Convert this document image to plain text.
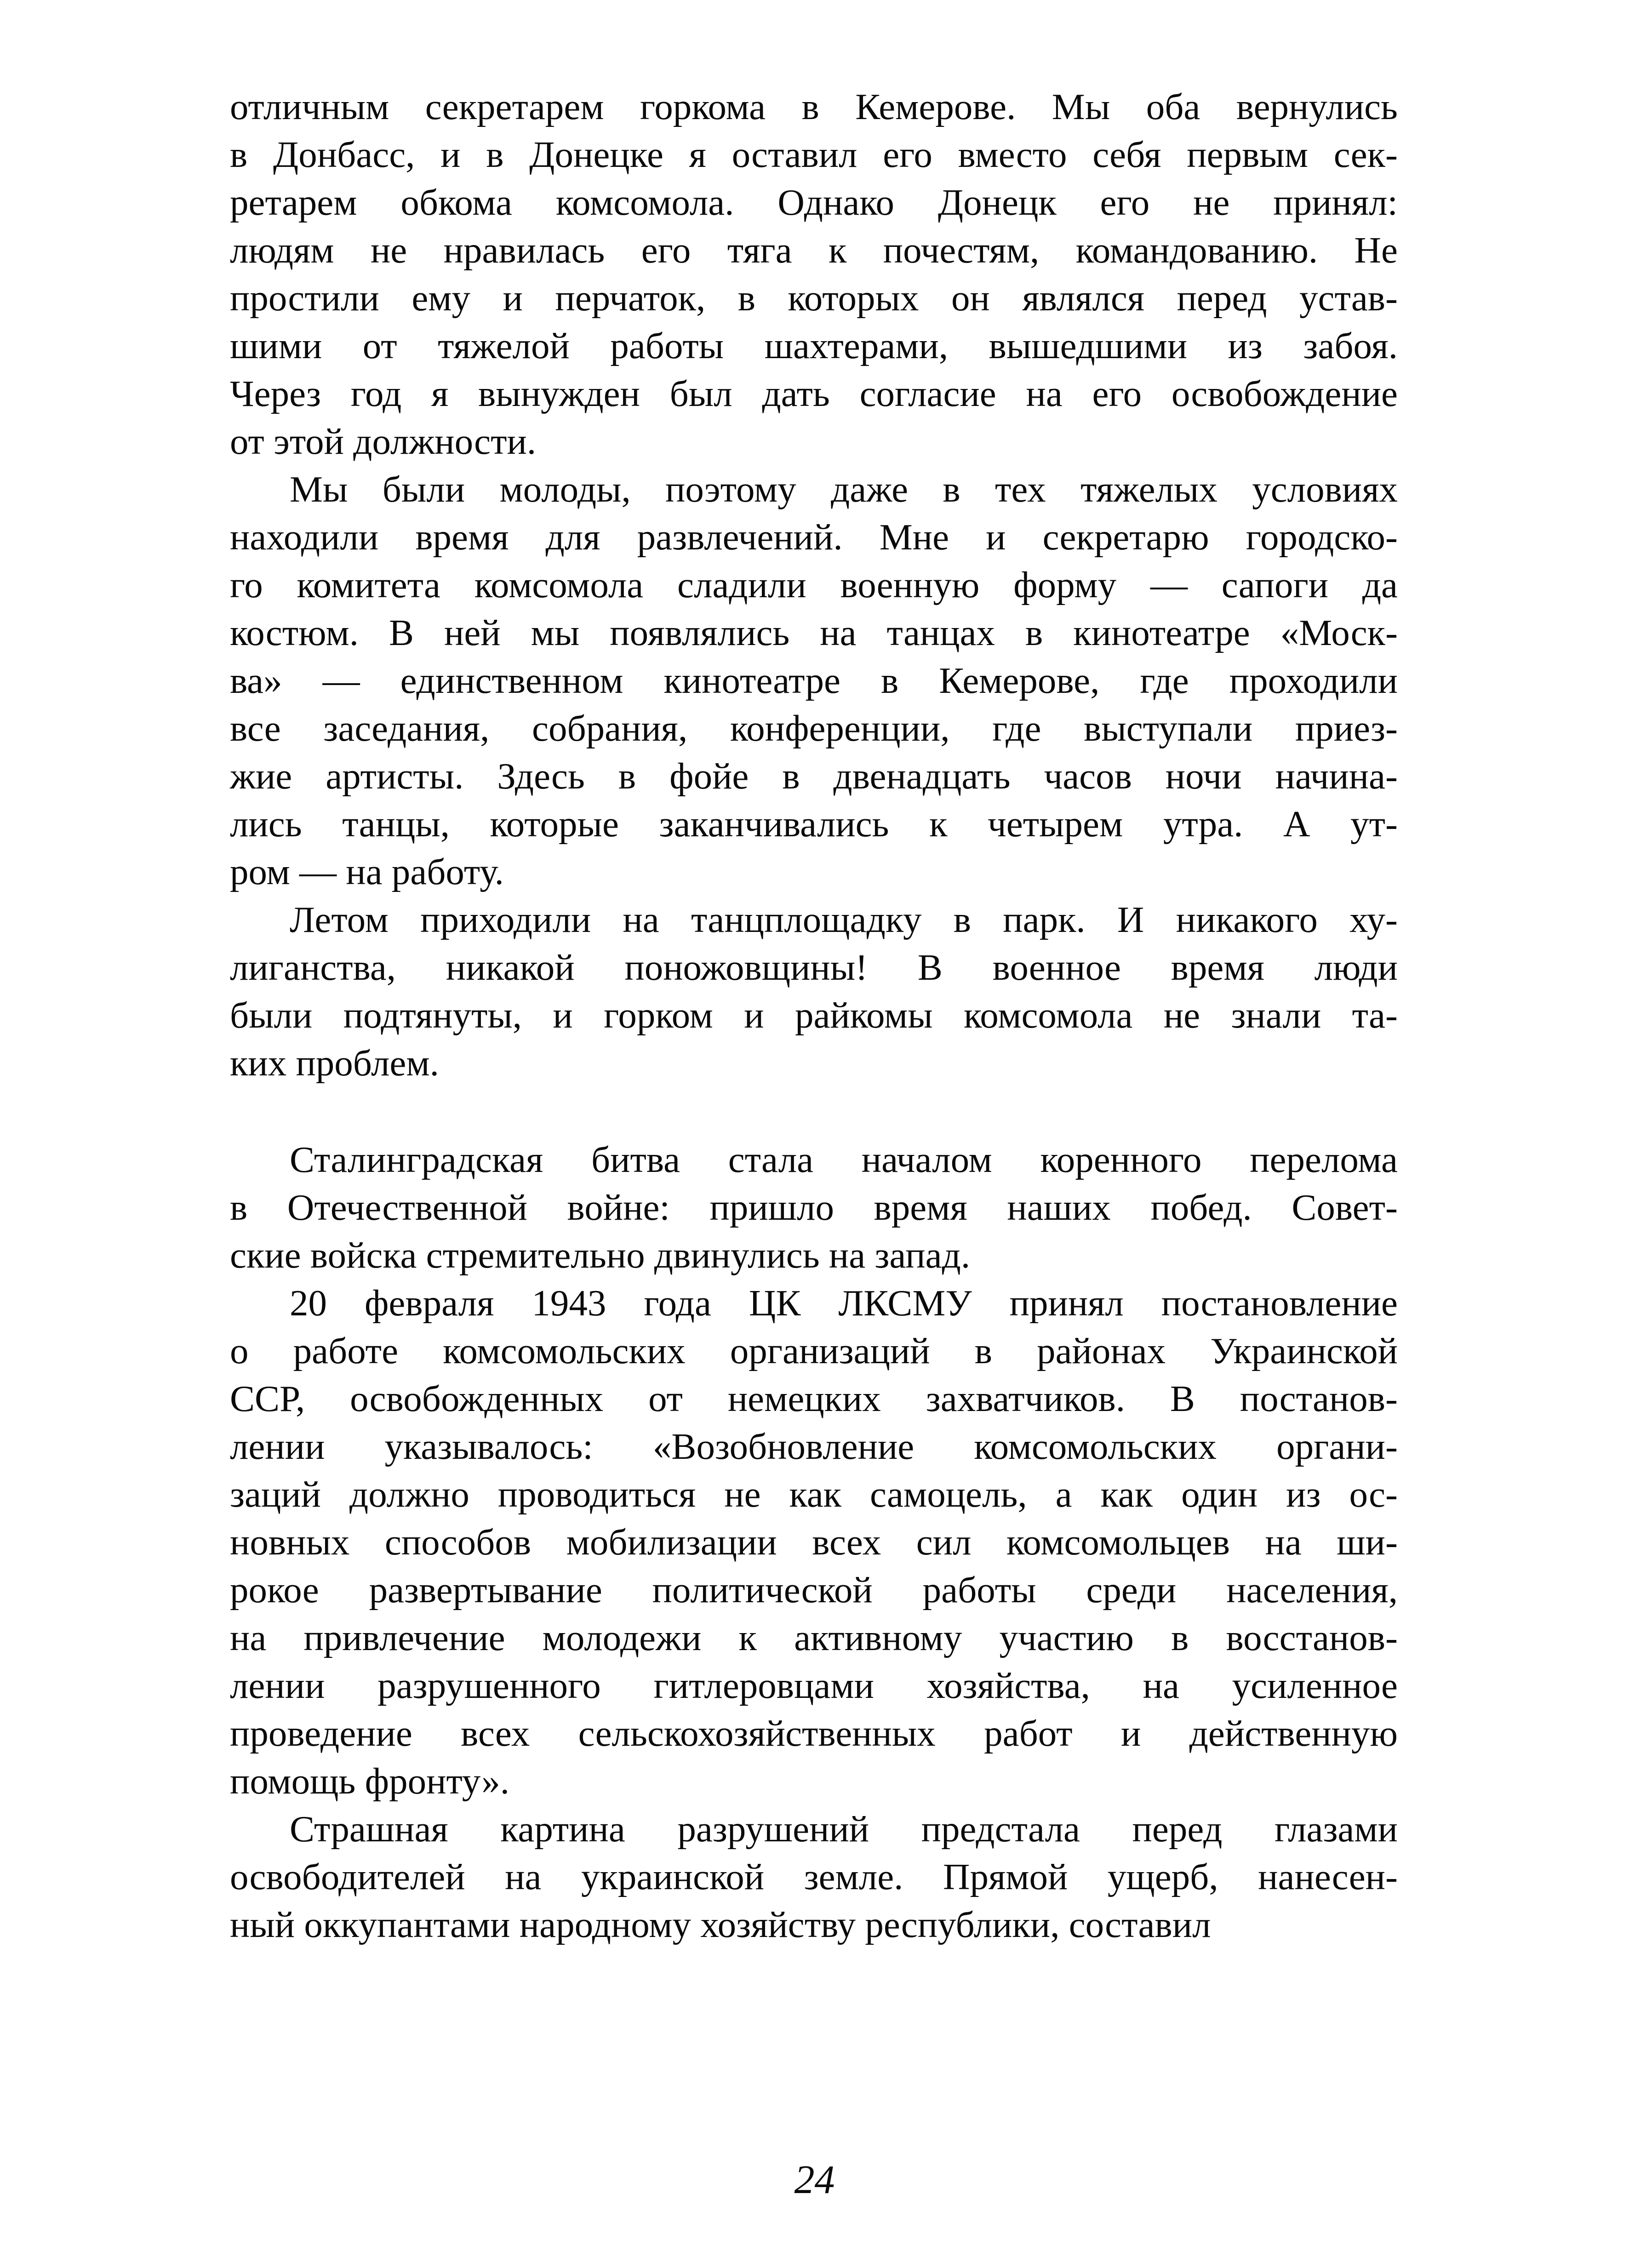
отличным секретарем горкома в Кемерове. Мы оба вернулись
в Донбасс, и в Донецке я оставил его вместо себя первым сек-
ретарем обкома комсомола. Однако Донецк его не принял:
людям не нравилась его тяга к почестям, командованию. Не
простили ему и перчаток, в которых он являлся перед устав-
шими от тяжелой работы шахтерами, вышедшими из забоя.
Через год я вынужден был дать согласие на его освобождение
от этой должности.
Мы были молоды, поэтому даже в тех тяжелых условиях
находили время для развлечений. Мне и секретарю городско-
го комитета комсомола сладили военную форму — сапоги да
костюм. В ней мы появлялись на танцах в кинотеатре «Моск-
ва» — единственном кинотеатре в Кемерове, где проходили
все заседания, собрания, конференции, где выступали приез-
жие артисты. Здесь в фойе в двенадцать часов ночи начина-
лись танцы, которые заканчивались к четырем утра. А ут-
ром — на работу.
Летом приходили на танцплощадку в парк. И никакого ху-
лиганства, никакой поножовщины! В военное время люди
были подтянуты, и горком и райкомы комсомола не знали та-
ких проблем.
Сталинградская битва стала началом коренного перелома
в Отечественной войне: пришло время наших побед. Совет-
ские войска стремительно двинулись на запад.
20 февраля 1943 года ЦК ЛКСМУ принял постановление
о работе комсомольских организаций в районах Украинской
ССР, освобожденных от немецких захватчиков. В постанов-
лении указывалось: «Возобновление комсомольских органи-
заций должно проводиться не как самоцель, а как один из ос-
новных способов мобилизации всех сил комсомольцев на ши-
рокое развертывание политической работы среди населения,
на привлечение молодежи к активному участию в восстанов-
лении разрушенного гитлеровцами хозяйства, на усиленное
проведение всех сельскохозяйственных работ и действенную
помощь фронту».
Страшная картина разрушений предстала перед глазами
освободителей на украинской земле. Прямой ущерб, нанесен-
ный оккупантами народному хозяйству республики, составил
24
